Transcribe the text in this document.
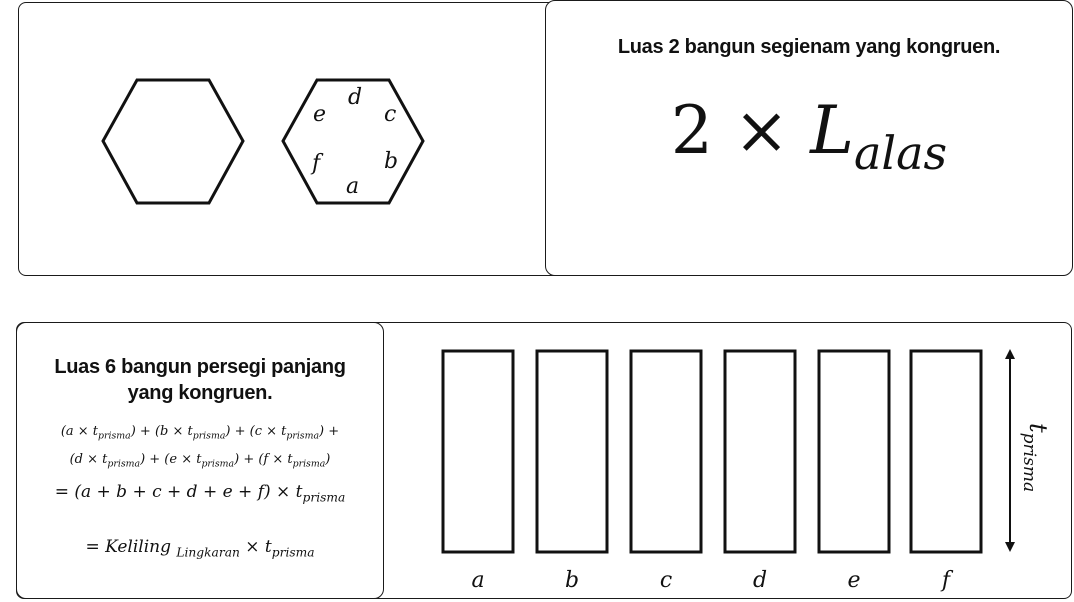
a
b
c
d
e
f
a	b	c	d	e	f
$t_{prisma}$
Luas 2 bangun segienam yang kongruen.
$2 \times L_{alas}$
Luas 6 bangun persegi panjang
yang kongruen.
$(a \times t_{prisma}) + (b \times t_{prisma}) + (c \times t_{prisma})$ +
$(d \times t_{prisma}) + (e \times t_{prisma}) + (f \times t_{prisma})$
= $(a + b + c + d + e + f) \times t_{prisma}$
= Keliling $_{Lingkaran} \times t_{prisma}$
